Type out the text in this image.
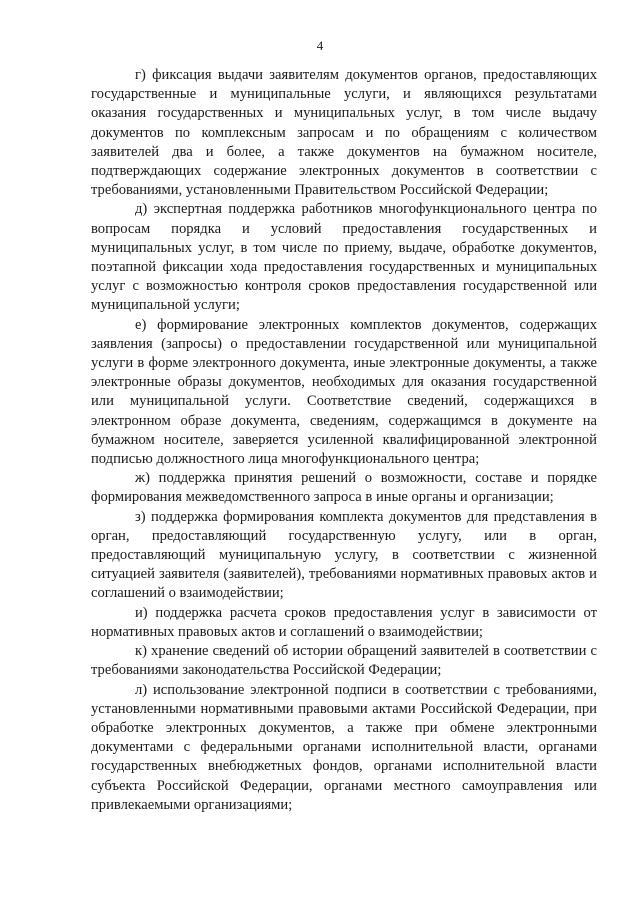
4

г) фиксация выдачи заявителям документов органов, предоставляющих государственные и муниципальные услуги, и являющихся результатами оказания государственных и муниципальных услуг, в том числе выдачу документов по комплексным запросам и по обращениям с количеством заявителей два и более, а также документов на бумажном носителе, подтверждающих содержание электронных документов в соответствии с требованиями, установленными Правительством Российской Федерации;

д) экспертная поддержка работников многофункционального центра по вопросам порядка и условий предоставления государственных и муниципальных услуг, в том числе по приему, выдаче, обработке документов, поэтапной фиксации хода предоставления государственных и муниципальных услуг с возможностью контроля сроков предоставления государственной или муниципальной услуги;

е) формирование электронных комплектов документов, содержащих заявления (запросы) о предоставлении государственной или муниципальной услуги в форме электронного документа, иные электронные документы, а также электронные образы документов, необходимых для оказания государственной или муниципальной услуги. Соответствие сведений, содержащихся в электронном образе документа, сведениям, содержащимся в документе на бумажном носителе, заверяется усиленной квалифицированной электронной подписью должностного лица многофункционального центра;

ж) поддержка принятия решений о возможности, составе и порядке формирования межведомственного запроса в иные органы и организации;

з) поддержка формирования комплекта документов для представления в орган, предоставляющий государственную услугу, или в орган, предоставляющий муниципальную услугу, в соответствии с жизненной ситуацией заявителя (заявителей), требованиями нормативных правовых актов и соглашений о взаимодействии;

и) поддержка расчета сроков предоставления услуг в зависимости от нормативных правовых актов и соглашений о взаимодействии;

к) хранение сведений об истории обращений заявителей в соответствии с требованиями законодательства Российской Федерации;

л) использование электронной подписи в соответствии с требованиями, установленными нормативными правовыми актами Российской Федерации, при обработке электронных документов, а также при обмене электронными документами с федеральными органами исполнительной власти, органами государственных внебюджетных фондов, органами исполнительной власти субъекта Российской Федерации, органами местного самоуправления или привлекаемыми организациями;
